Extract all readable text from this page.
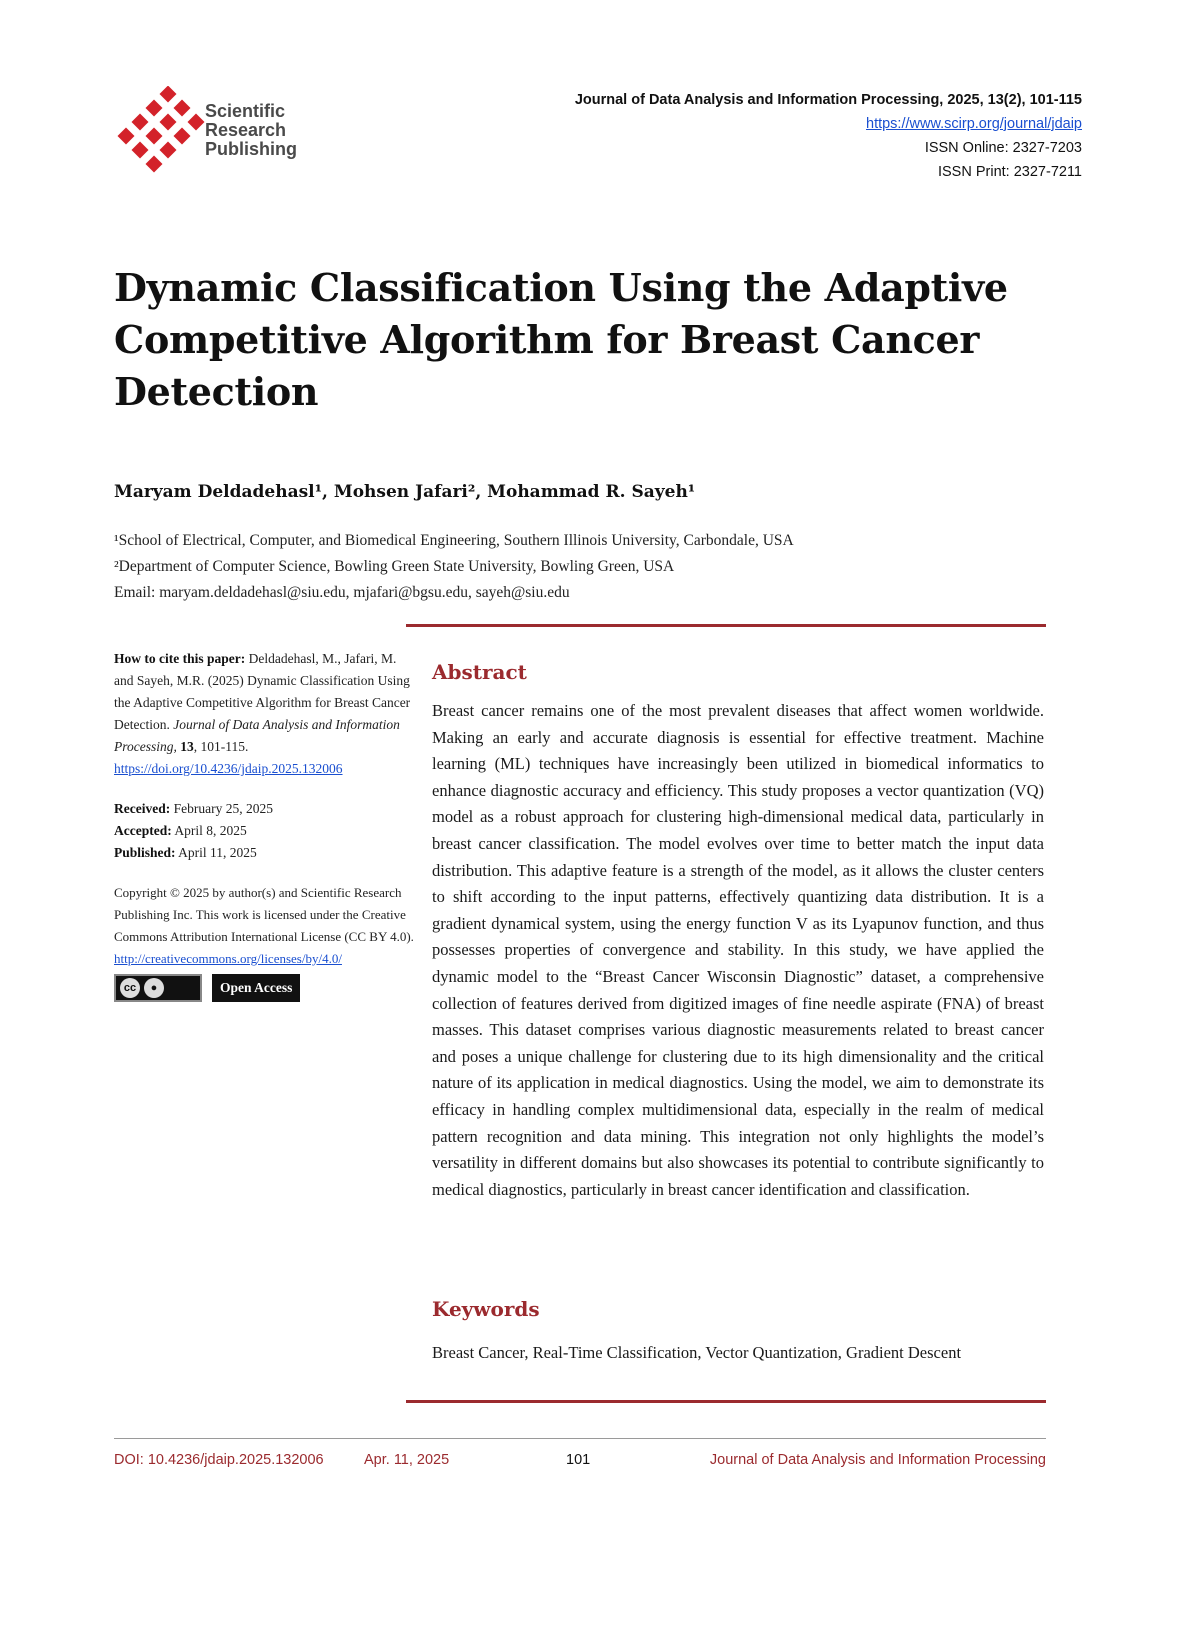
Scientific
Research
Publishing
Journal of Data Analysis and Information Processing, 2025, 13(2), 101-115
https://www.scirp.org/journal/jdaip
ISSN Online: 2327-7203
ISSN Print: 2327-7211
Dynamic Classification Using the Adaptive
Competitive Algorithm for Breast Cancer
Detection
Maryam Deldadehasl¹, Mohsen Jafari², Mohammad R. Sayeh¹
¹School of Electrical, Computer, and Biomedical Engineering, Southern Illinois University, Carbondale, USA
²Department of Computer Science, Bowling Green State University, Bowling Green, USA
Email: maryam.deldadehasl@siu.edu, mjafari@bgsu.edu, sayeh@siu.edu

How to cite this paper: Deldadehasl, M., Jafari, M. and Sayeh, M.R. (2025) Dynamic Classification Using the Adaptive Competitive Algorithm for Breast Cancer Detection. Journal of Data Analysis and Information Processing, 13, 101-115.
https://doi.org/10.4236/jdaip.2025.132006

Received: February 25, 2025
Accepted: April 8, 2025
Published: April 11, 2025

Copyright © 2025 by author(s) and Scientific Research Publishing Inc. This work is licensed under the Creative Commons Attribution International License (CC BY 4.0).
http://creativecommons.org/licenses/by/4.0/

cc	●	Open Access
Abstract
Breast cancer remains one of the most prevalent diseases that affect women worldwide. Making an early and accurate diagnosis is essential for effective treatment. Machine learning (ML) techniques have increasingly been utilized in biomedical informatics to enhance diagnostic accuracy and efficiency. This study proposes a vector quantization (VQ) model as a robust approach for clustering high-dimensional medical data, particularly in breast cancer classification. The model evolves over time to better match the input data distribution. This adaptive feature is a strength of the model, as it allows the cluster centers to shift according to the input patterns, effectively quantizing data distribution. It is a gradient dynamical system, using the energy function V as its Lyapunov function, and thus possesses properties of convergence and stability. In this study, we have applied the dynamic model to the “Breast Cancer Wisconsin Diagnostic” dataset, a comprehensive collection of features derived from digitized images of fine needle aspirate (FNA) of breast masses. This dataset comprises various diagnostic measurements related to breast cancer and poses a unique challenge for clustering due to its high dimensionality and the critical nature of its application in medical diagnostics. Using the model, we aim to demonstrate its efficacy in handling complex multidimensional data, especially in the realm of medical pattern recognition and data mining. This integration not only highlights the model’s versatility in different domains but also showcases its potential to contribute significantly to medical diagnostics, particularly in breast cancer identification and classification.
Keywords
Breast Cancer, Real-Time Classification, Vector Quantization, Gradient Descent
DOI: 10.4236/jdaip.2025.132006	Apr. 11, 2025	101	Journal of Data Analysis and Information Processing
